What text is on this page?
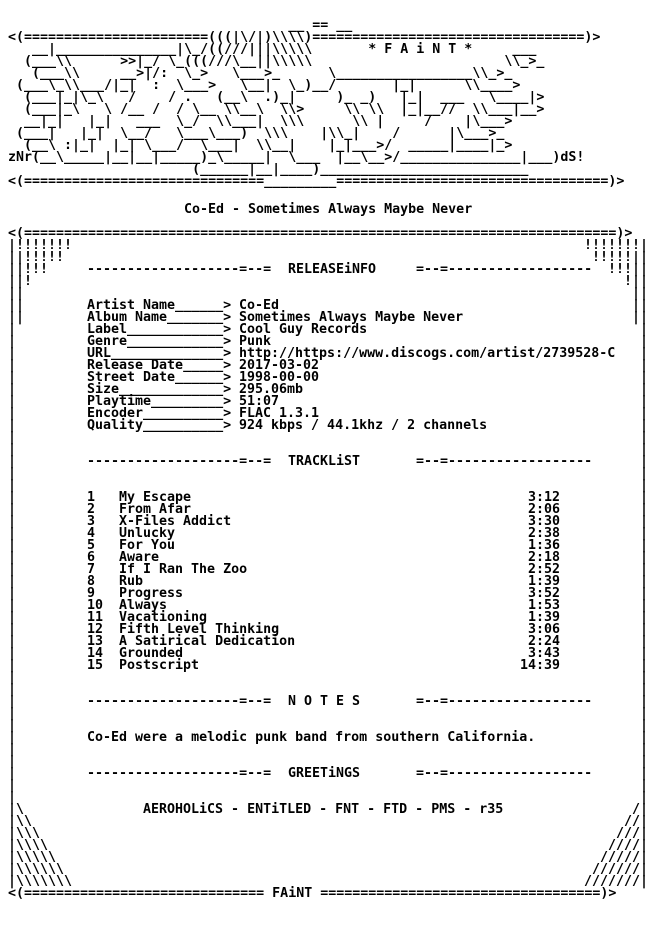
__ == __
<(=======================(((|\/|)\\\\)==================================)>
__|_______________|\_/((///|||\\\\\       * F A i N T *     ___
(___\\      >>|_/ \_(((///\__||\\\\\                        \\_>_
(___\\     __>|/:  \_>   \___>_      \_________________\\_>_
(___\_\\___/|_|  :  \___>   \__|  \_)__/       |_|      \\____>
(___|_|\_\   /    / .   (__\  .)_|     )_ _)   |_|  ___   \____|>
(___|_\   \ /__ /  / \__ \\__\  \\>     \\ \\  |_|__//  \\___|__>
__|_|   |_|   ___  \_/  \\___|  \\\      \\ |     /    |\___>
(___|   |_|  \__/   \___\___)  \\\    |\\_|    /      |\___>_
(__\ :|_|  |_| \___/  \___|  \\__|    |_|___>/  _____|____|_>
zNr(__\_____|__|__|_____)_\_____|  \___  |__\__>/_______________|___)dS!
(______|__|____)__________________________
<(==============================_________==================================)>
Co-Ed - Sometimes Always Maybe Never
<(==========================================================================)>
|!!!!!!!	!!!!!!!|
||!!!!!	!!!!!||
||!!!	!!!||
||!	!||
||	||
||	||
||	||
|	|
|	|
|	|
|	|
|	|
|	|
|	|
|	|
|	|
|	|
|	|
|	|
|	|
|	|
|	|
|	|
|	|
|	|
|	|
|	|
|	|
|	|
|	|
|	|
|	|
|	|
|	|
|	|
|	|
|	|
|	|
|	|
|	|
|	|
|	|
|	|
|	|
|	|
|	|
|	|
|\	/|
|\\	//|
|\\\	///|
|\\\\	////|
|\\\\\	/////|
|\\\\\\	//////|
|\\\\\\\	///////|
-------------------=--= RELEASEiNFO	=--=------------------
Artist Name______> Co-Ed
Album Name_______> Sometimes Always Maybe Never
Label____________> Cool Guy Records
Genre____________> Punk
URL______________> http://https://www.discogs.com/artist/2739528-C
Release Date_____> 2017-03-02
Street Date______> 1998-00-00
Size_____________> 295.06mb
Playtime_________> 51:07
Encoder__________> FLAC 1.3.1
Quality__________> 924 kbps / 44.1khz / 2 channels
-------------------=--= TRACKLiST	=--=------------------
1 My Escape	3:12
2 From Afar	2:06
3 X-Files Addict	3:30
4 Unlucky	2:38
5 For You	1:36
6 Aware	2:18
7 If I Ran The Zoo	2:52
8 Rub	1:39
9 Progress	3:52
10 Always	1:53
11 Vacationing	1:39
12 Fifth Level Thinking	3:06
13 A Satirical Dedication	2:24
14 Grounded	3:43
15 Postscript	14:39
-------------------=--= N O T E S	=--=------------------
Co-Ed were a melodic punk band from southern California.
-------------------=--= GREETiNGS	=--=------------------
AEROHOLiCS - ENTiTLED - FNT - FTD - PMS - r35
<(============================== FAiNT ===================================)>
